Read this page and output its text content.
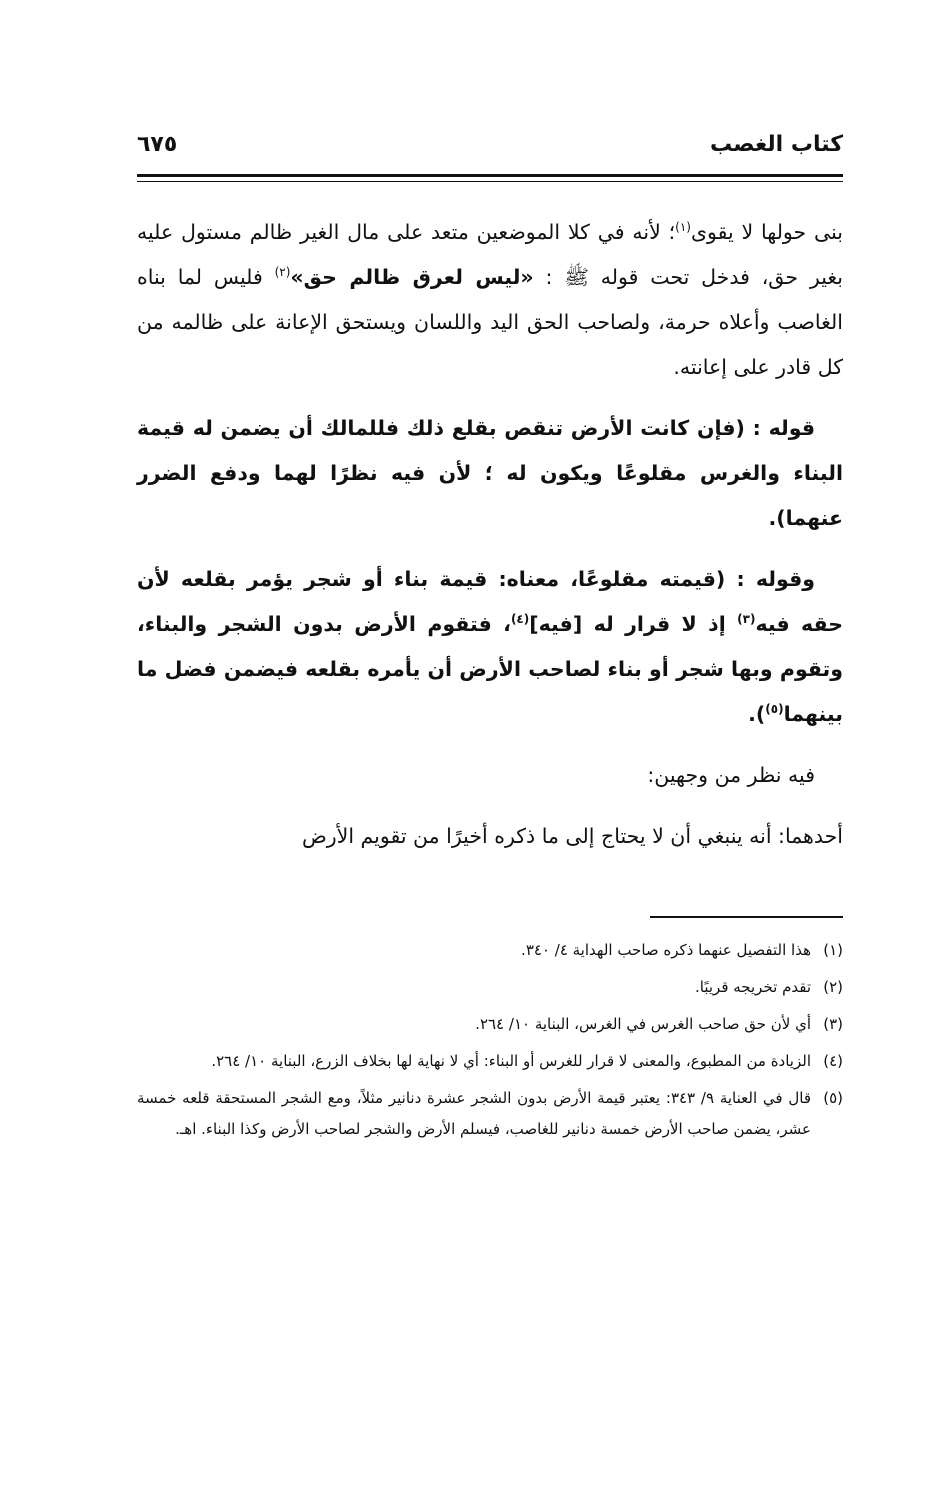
كتاب الغصب
٦٧٥

بنى حولها لا يقوى$^{(١)}$؛ لأنه في كلا الموضعين متعد على مال الغير ظالم مستول عليه بغير حق، فدخل تحت قوله ﷺ : «ليس لعرق ظالم حق»$^{(٢)}$ فليس لما بناه الغاصب وأعلاه حرمة، ولصاحب الحق اليد واللسان ويستحق الإعانة على ظالمه من كل قادر على إعانته.

قوله : (فإن كانت الأرض تنقص بقلع ذلك فللمالك أن يضمن له قيمة البناء والغرس مقلوعًا ويكون له ؛ لأن فيه نظرًا لهما ودفع الضرر عنهما).

وقوله : (قيمته مقلوعًا، معناه: قيمة بناء أو شجر يؤمر بقلعه لأن حقه فيه$^{(٣)}$ إذ لا قرار له [فيه]$^{(٤)}$، فتقوم الأرض بدون الشجر والبناء، وتقوم وبها شجر أو بناء لصاحب الأرض أن يأمره بقلعه فيضمن فضل ما بينهما$^{(٥)}$).

فيه نظر من وجهين:

أحدهما: أنه ينبغي أن لا يحتاج إلى ما ذكره أخيرًا من تقويم الأرض

(١)
هذا التفصيل عنهما ذكره صاحب الهداية ٤/ ٣٤٠.
(٢)
تقدم تخريجه قريبًا.
(٣)
أي لأن حق صاحب الغرس في الغرس، البناية ١٠/ ٢٦٤.
(٤)
الزيادة من المطبوع، والمعنى لا قرار للغرس أو البناء: أي لا نهاية لها بخلاف الزرع، البناية ١٠/ ٢٦٤.
(٥)
قال في العناية ٩/ ٣٤٣: يعتبر قيمة الأرض بدون الشجر عشرة دنانير مثلاً، ومع الشجر المستحقة قلعه خمسة عشر، يضمن صاحب الأرض خمسة دنانير للغاصب، فيسلم الأرض والشجر لصاحب الأرض وكذا البناء. اهـ.
